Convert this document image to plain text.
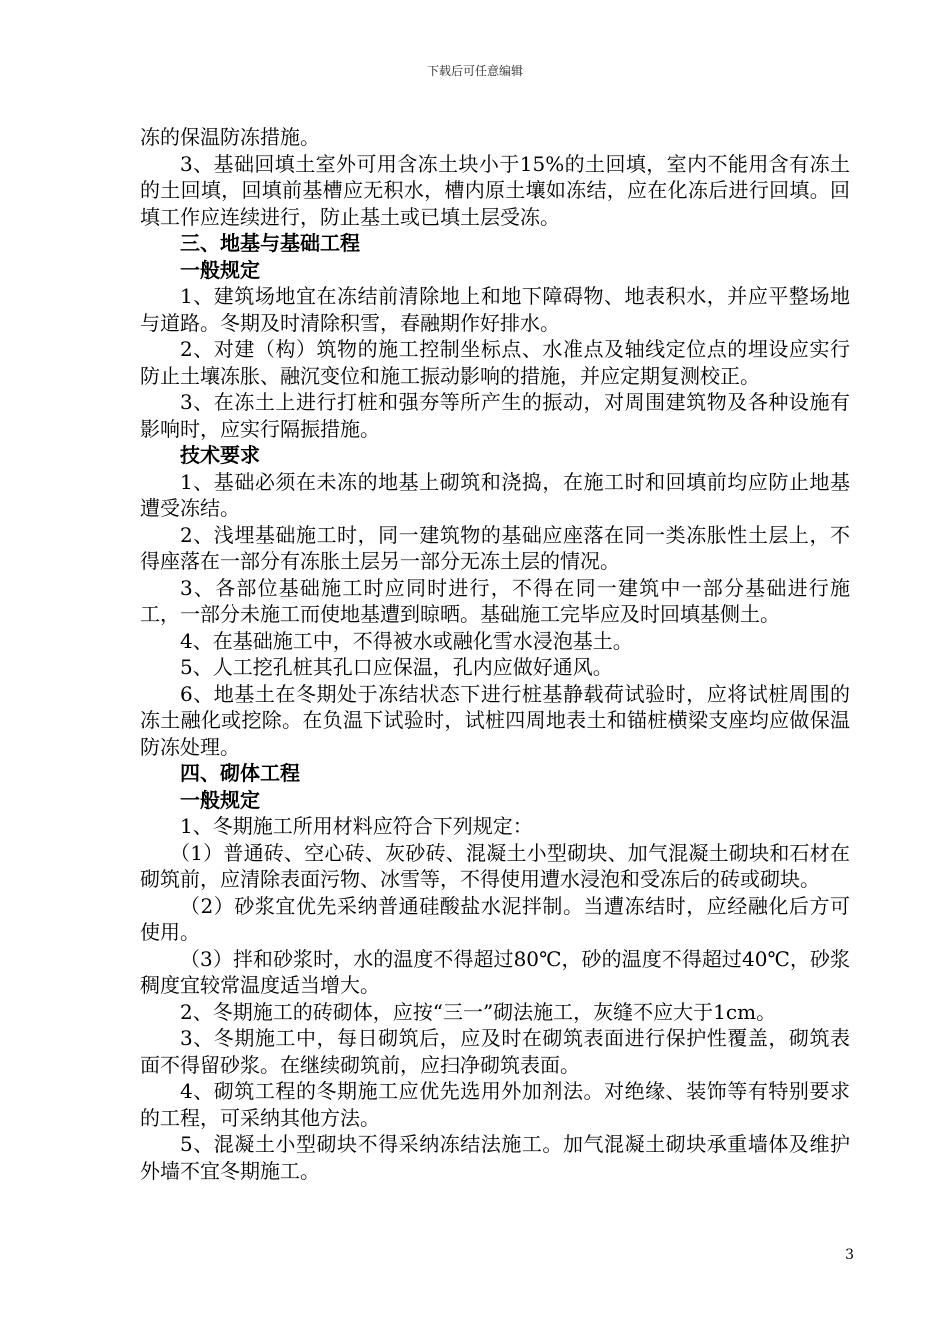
下载后可任意编辑

冻的保温防冻措施。

3、基础回填土室外可用含冻土块小于15%的土回填，室内不能用含有冻土的土回填，回填前基槽应无积水，槽内原土壤如冻结，应在化冻后进行回填。回填工作应连续进行，防止基土或已填土层受冻。

三、地基与基础工程

一般规定

1、建筑场地宜在冻结前清除地上和地下障碍物、地表积水，并应平整场地与道路。冬期及时清除积雪，春融期作好排水。

2、对建（构）筑物的施工控制坐标点、水准点及轴线定位点的埋设应实行防止土壤冻胀、融沉变位和施工振动影响的措施，并应定期复测校正。

3、在冻土上进行打桩和强夯等所产生的振动，对周围建筑物及各种设施有影响时，应实行隔振措施。

技术要求

1、基础必须在未冻的地基上砌筑和浇捣，在施工时和回填前均应防止地基遭受冻结。

2、浅埋基础施工时，同一建筑物的基础应座落在同一类冻胀性土层上，不得座落在一部分有冻胀土层另一部分无冻土层的情况。

3、各部位基础施工时应同时进行，不得在同一建筑中一部分基础进行施工，一部分未施工而使地基遭到晾晒。基础施工完毕应及时回填基侧土。

4、在基础施工中，不得被水或融化雪水浸泡基土。

5、人工挖孔桩其孔口应保温，孔内应做好通风。

6、地基土在冬期处于冻结状态下进行桩基静载荷试验时，应将试桩周围的冻土融化或挖除。在负温下试验时，试桩四周地表土和锚桩横梁支座均应做保温防冻处理。

四、砌体工程

一般规定

1、冬期施工所用材料应符合下列规定：

（1）普通砖、空心砖、灰砂砖、混凝土小型砌块、加气混凝土砌块和石材在砌筑前，应清除表面污物、冰雪等，不得使用遭水浸泡和受冻后的砖或砌块。

（2）砂浆宜优先采纳普通硅酸盐水泥拌制。当遭冻结时，应经融化后方可使用。

（3）拌和砂浆时，水的温度不得超过80℃，砂的温度不得超过40℃，砂浆稠度宜较常温度适当增大。

2、冬期施工的砖砌体，应按“三一”砌法施工，灰缝不应大于1cm。

3、冬期施工中，每日砌筑后，应及时在砌筑表面进行保护性覆盖，砌筑表面不得留砂浆。在继续砌筑前，应扫净砌筑表面。

4、砌筑工程的冬期施工应优先选用外加剂法。对绝缘、装饰等有特别要求的工程，可采纳其他方法。

5、混凝土小型砌块不得采纳冻结法施工。加气混凝土砌块承重墙体及维护外墙不宜冬期施工。

3
